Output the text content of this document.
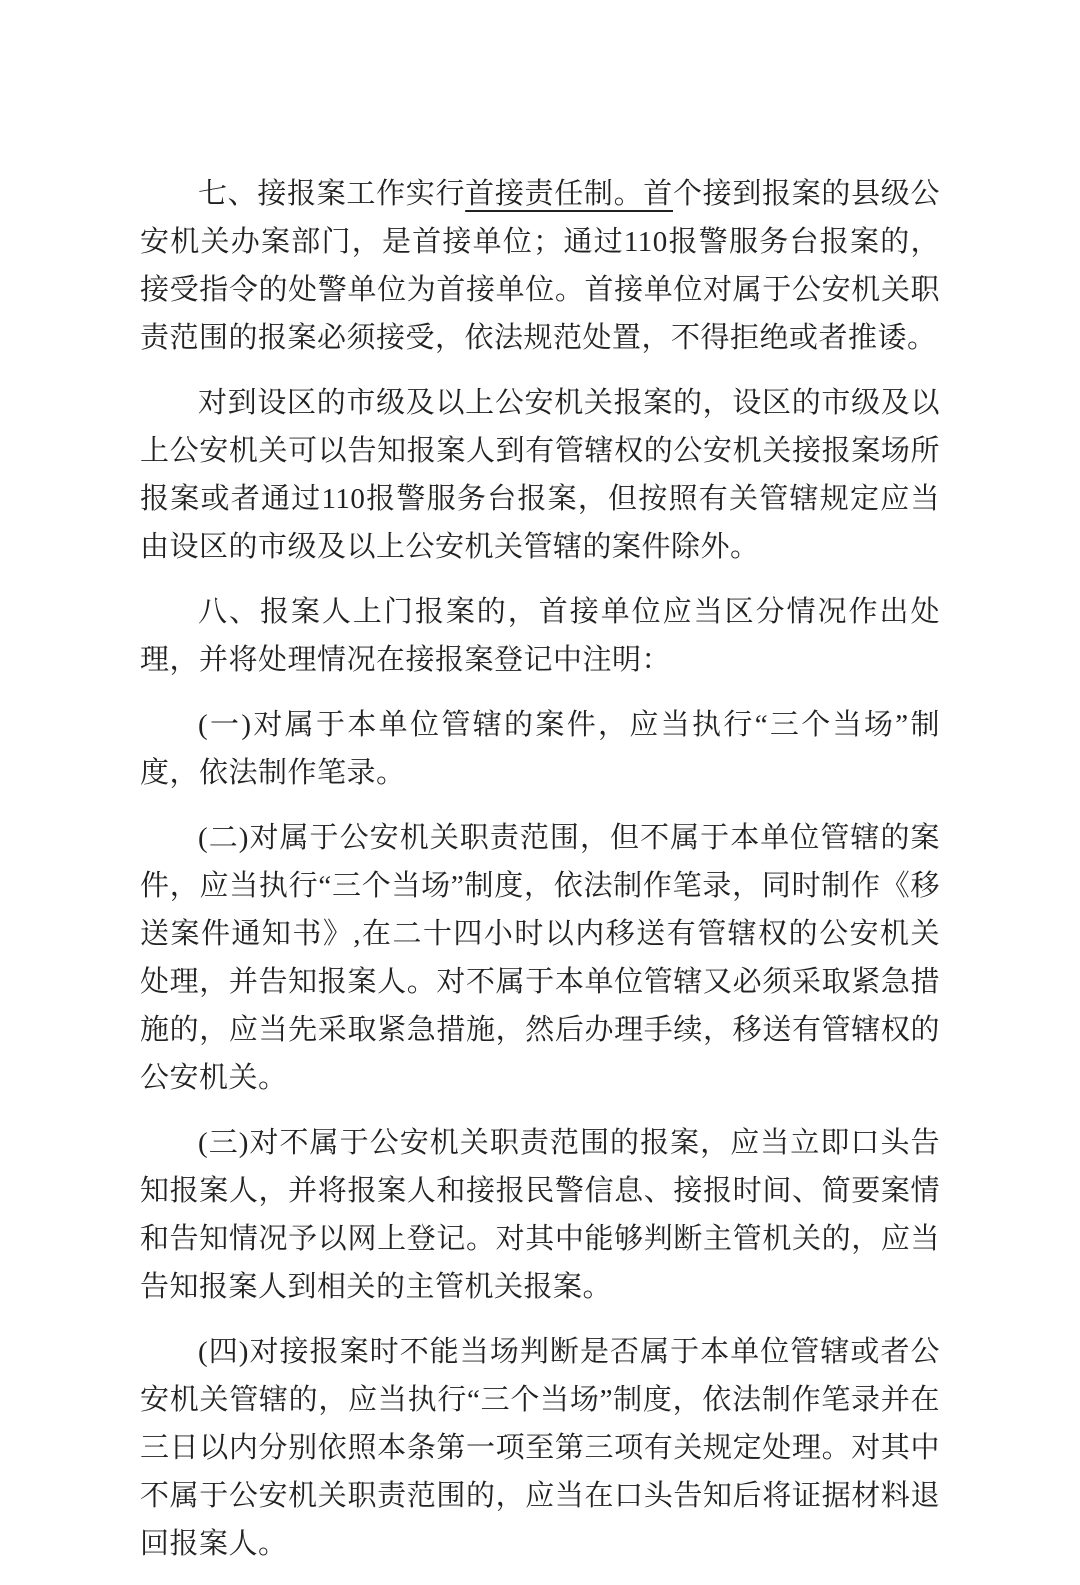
七、接报案工作实行首接责任制。首个接到报案的县级公安机关办案部门，是首接单位；通过110报警服务台报案的，接受指令的处警单位为首接单位。首接单位对属于公安机关职责范围的报案必须接受，依法规范处置，不得拒绝或者推诿。

对到设区的市级及以上公安机关报案的，设区的市级及以上公安机关可以告知报案人到有管辖权的公安机关接报案场所报案或者通过110报警服务台报案，但按照有关管辖规定应当由设区的市级及以上公安机关管辖的案件除外。

八、报案人上门报案的，首接单位应当区分情况作出处理，并将处理情况在接报案登记中注明：

(一)对属于本单位管辖的案件，应当执行“三个当场”制度，依法制作笔录。

(二)对属于公安机关职责范围，但不属于本单位管辖的案件，应当执行“三个当场”制度，依法制作笔录，同时制作《移送案件通知书》,在二十四小时以内移送有管辖权的公安机关处理，并告知报案人。对不属于本单位管辖又必须采取紧急措施的，应当先采取紧急措施，然后办理手续，移送有管辖权的公安机关。

(三)对不属于公安机关职责范围的报案，应当立即口头告知报案人，并将报案人和接报民警信息、接报时间、简要案情和告知情况予以网上登记。对其中能够判断主管机关的，应当告知报案人到相关的主管机关报案。

(四)对接报案时不能当场判断是否属于本单位管辖或者公安机关管辖的，应当执行“三个当场”制度，依法制作笔录并在三日以内分别依照本条第一项至第三项有关规定处理。对其中不属于公安机关职责范围的，应当在口头告知后将证据材料退回报案人。
